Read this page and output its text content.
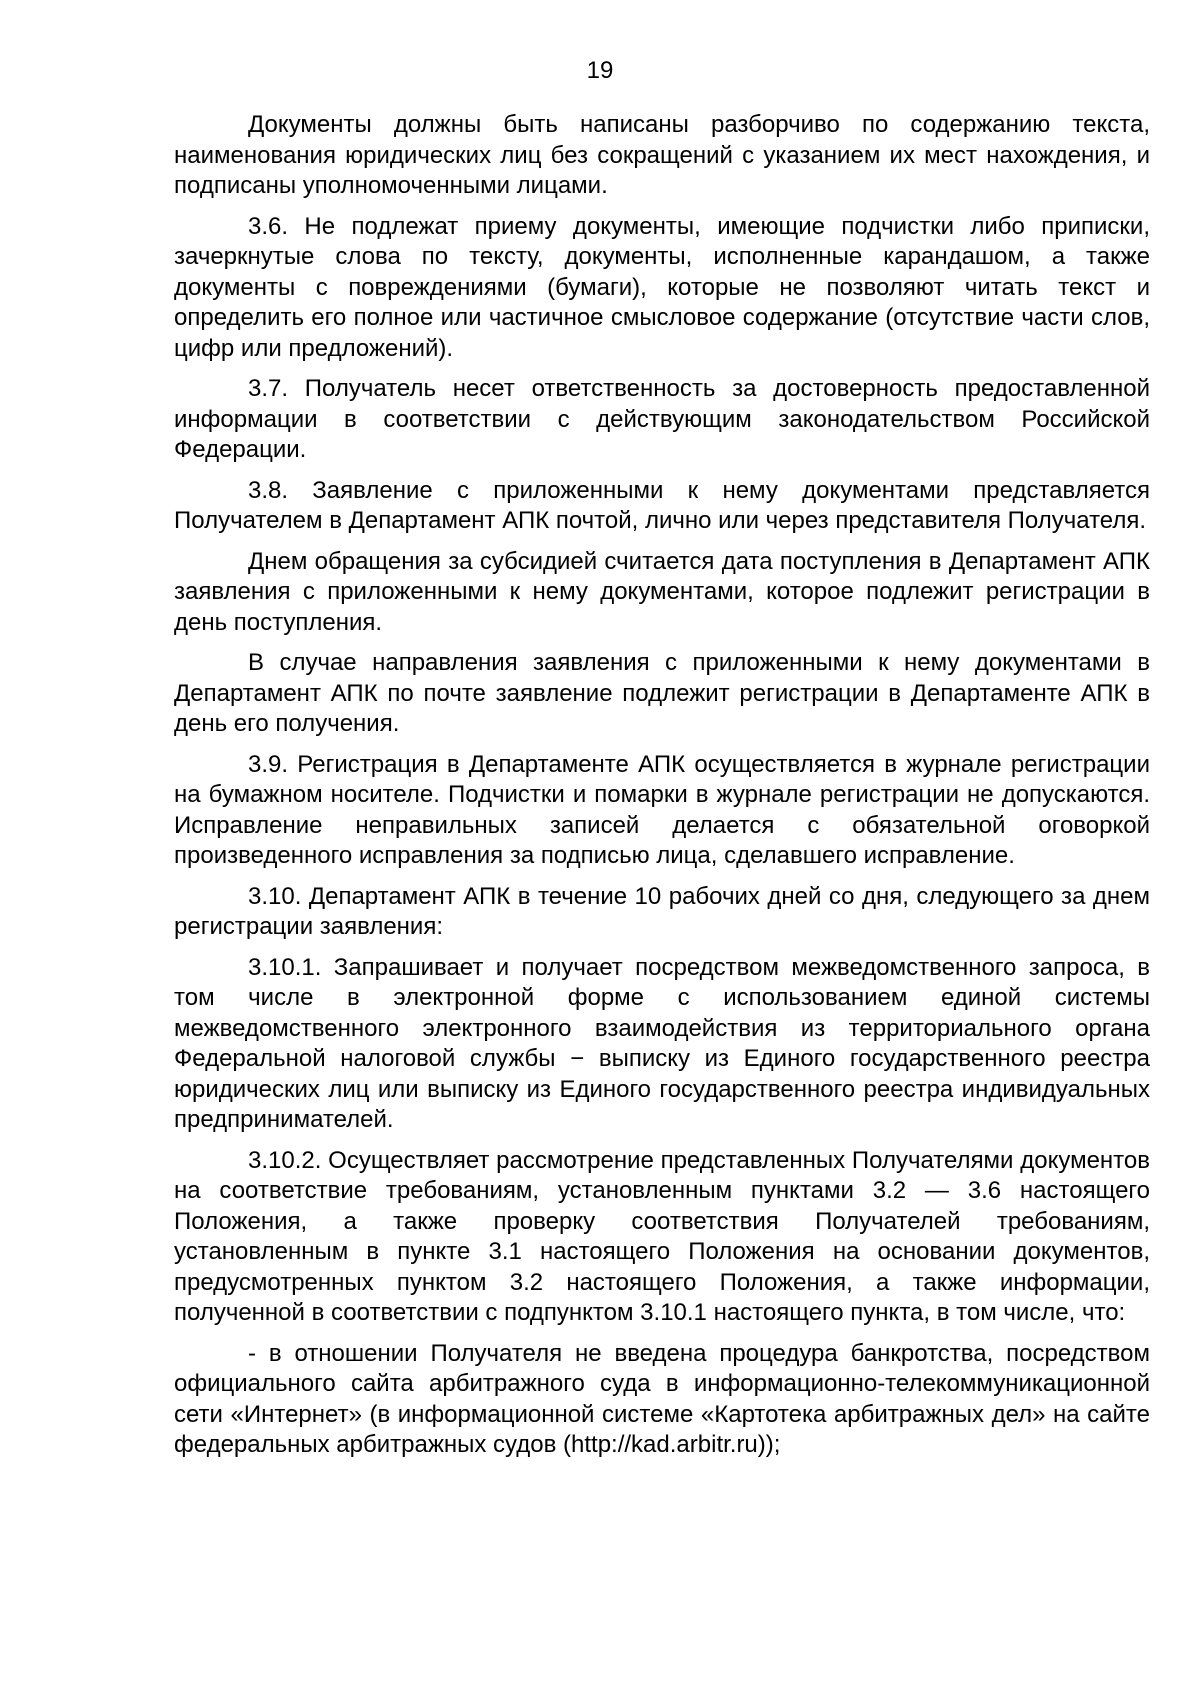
19

Документы должны быть написаны разборчиво по содержанию текста, наименования юридических лиц без сокращений с указанием их мест нахождения, и подписаны уполномоченными лицами.

3.6. Не подлежат приему документы, имеющие подчистки либо приписки, зачеркнутые слова по тексту, документы, исполненные карандашом, а также документы с повреждениями (бумаги), которые не позволяют читать текст и определить его полное или частичное смысловое содержание (отсутствие части слов, цифр или предложений).

3.7. Получатель несет ответственность за достоверность предоставленной информации в соответствии с действующим законодательством Российской Федерации.

3.8. Заявление с приложенными к нему документами представляется Получателем в Департамент АПК почтой, лично или через представителя Получателя.

Днем обращения за субсидией считается дата поступления в Департамент АПК заявления с приложенными к нему документами, которое подлежит регистрации в день поступления.

В случае направления заявления с приложенными к нему документами в Департамент АПК по почте заявление подлежит регистрации в Департаменте АПК в день его получения.

3.9. Регистрация в Департаменте АПК осуществляется в журнале регистрации на бумажном носителе. Подчистки и помарки в журнале регистрации не допускаются. Исправление неправильных записей делается с обязательной оговоркой произведенного исправления за подписью лица, сделавшего исправление.

3.10. Департамент АПК в течение 10 рабочих дней со дня, следующего за днем регистрации заявления:

3.10.1. Запрашивает и получает посредством межведомственного запроса, в том числе в электронной форме с использованием единой системы межведомственного электронного взаимодействия из территориального органа Федеральной налоговой службы − выписку из Единого государственного реестра юридических лиц или выписку из Единого государственного реестра индивидуальных предпринимателей.

3.10.2. Осуществляет рассмотрение представленных Получателями документов на соответствие требованиям, установленным пунктами 3.2 — 3.6 настоящего Положения, а также проверку соответствия Получателей требованиям, установленным в пункте 3.1 настоящего Положения на основании документов, предусмотренных пунктом 3.2 настоящего Положения, а также информации, полученной в соответствии с подпунктом 3.10.1 настоящего пункта, в том числе, что:

- в отношении Получателя не введена процедура банкротства, посредством официального сайта арбитражного суда в информационно-телекоммуникационной сети «Интернет» (в информационной системе «Картотека арбитражных дел» на сайте федеральных арбитражных судов (http://kad.arbitr.ru));
